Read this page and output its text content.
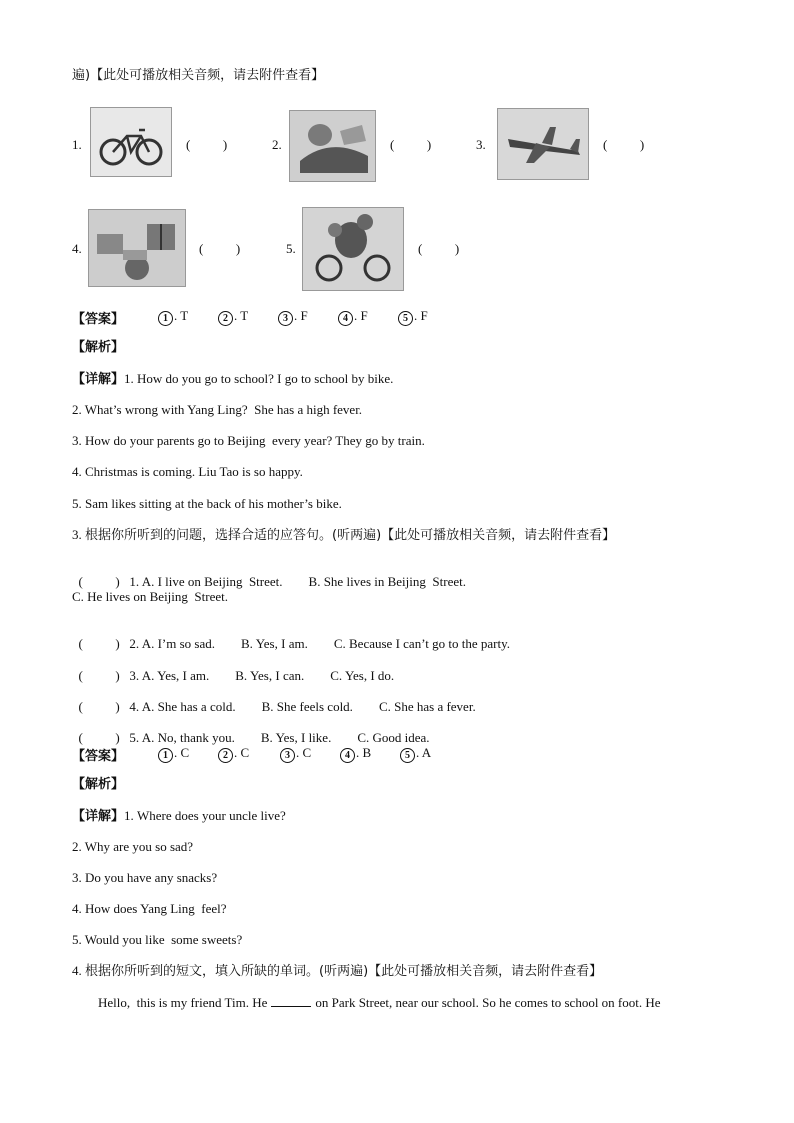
遍)【此处可播放相关音频，请去附件查看】
1.	(          )	2.	(          )	3.	(          )
4.	(          )	5.	(          )
【答案】	1 . T	2 . T	3 . F	4 . F	5 . F
【解析】
【详解】1. How do you go to school? I go to school by bike.
2. What’s wrong with Yang Ling?  She has a high fever.
3. How do your parents go to Beijing  every year? They go by train.
4. Christmas is coming. Liu Tao is so happy.
5. Sam likes sitting at the back of his mother’s bike.
3. 根据你所听到的问题，选择合适的应答句。(听两遍)【此处可播放相关音频，请去附件查看】

(          ) 1. A. I live on Beijing  Street. B. She lives in Beijing  Street.

C. He lives on Beijing  Street.

(          ) 2. A. I’m so sad. B. Yes, I am. C. Because I can’t go to the party.

(          ) 3. A. Yes, I am. B. Yes, I can. C. Yes, I do.

(          ) 4. A. She has a cold. B. She feels cold. C. She has a fever.

(          ) 5. A. No, thank you. B. Yes, I like. C. Good idea.

【答案】	1 . C	2 . C	3 . C	4 . B	5 . A
【解析】
【详解】1. Where does your uncle live?
2. Why are you so sad?
3. Do you have any snacks?
4. How does Yang Ling  feel?
5. Would you like  some sweets?
4. 根据你所听到的短文，填入所缺的单词。(听两遍)【此处可播放相关音频，请去附件查看】
Hello,  this is my friend Tim. He	on Park Street, near our school. So he comes to school on foot. He
